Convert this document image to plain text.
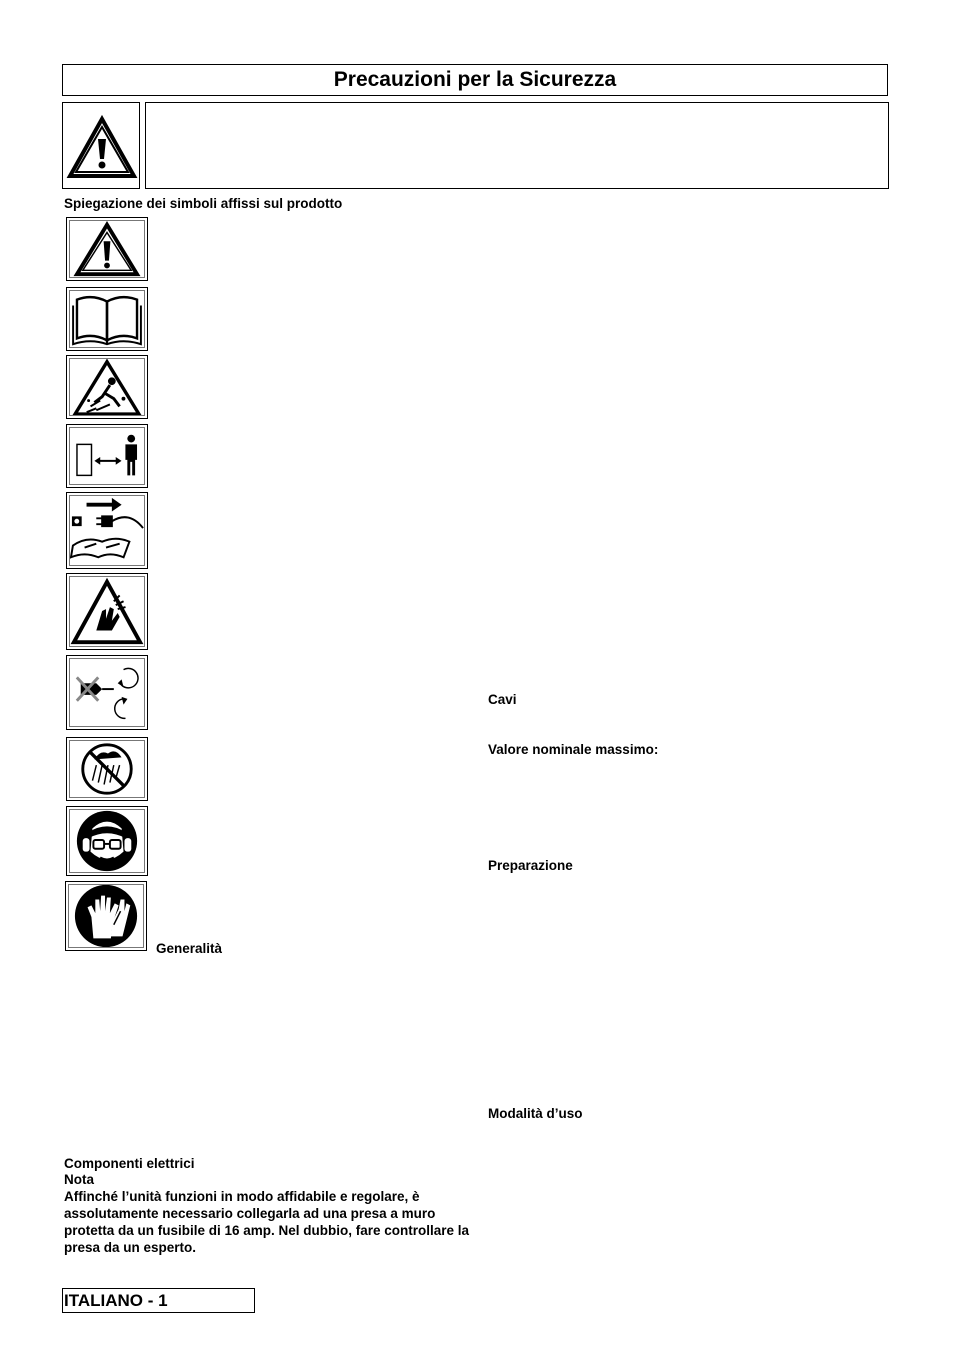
Precauzioni per la Sicurezza
Spiegazione dei simboli affissi sul prodotto
Generalità
Componenti elettrici
Nota
Affinché l’unità funzioni in modo affidabile e regolare, è assolutamente necessario collegarla ad una presa a muro protetta da un fusibile di 16 amp. Nel dubbio, fare controllare la presa da un esperto.
Cavi
Valore nominale massimo:
Preparazione
Modalità d’uso
ITALIANO - 1
